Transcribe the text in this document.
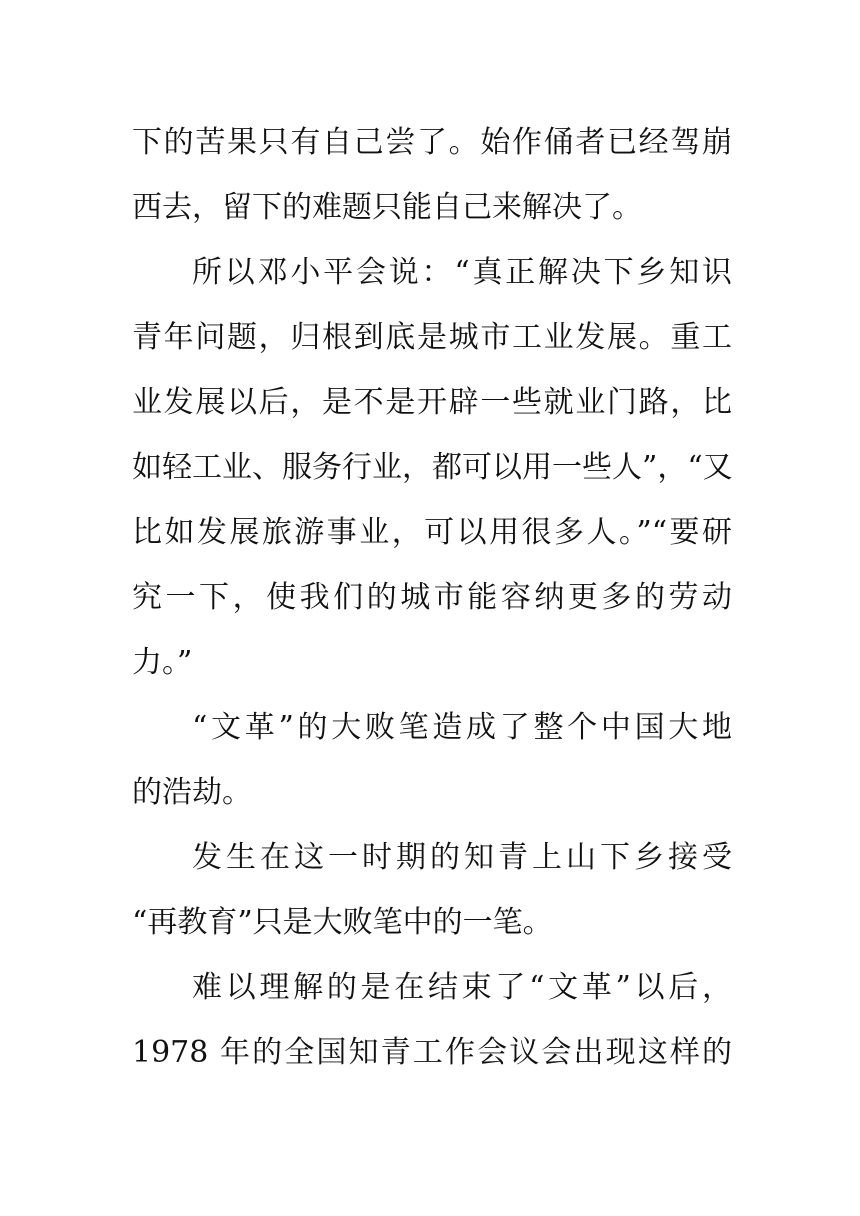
下的苦果只有自己尝了。始作俑者已经驾崩
西去，留下的难题只能自己来解决了。
所以邓小平会说：“真正解决下乡知识
青年问题，归根到底是城市工业发展。重工
业发展以后，是不是开辟一些就业门路，比
如轻工业、服务行业，都可以用一些人”，“又
比如发展旅游事业，可以用很多人。”“要研
究一下，使我们的城市能容纳更多的劳动
力。”
“文革”的大败笔造成了整个中国大地
的浩劫。
发生在这一时期的知青上山下乡接受
“再教育”只是大败笔中的一笔。
难以理解的是在结束了“文革”以后，
1978 年的全国知青工作会议会出现这样的
